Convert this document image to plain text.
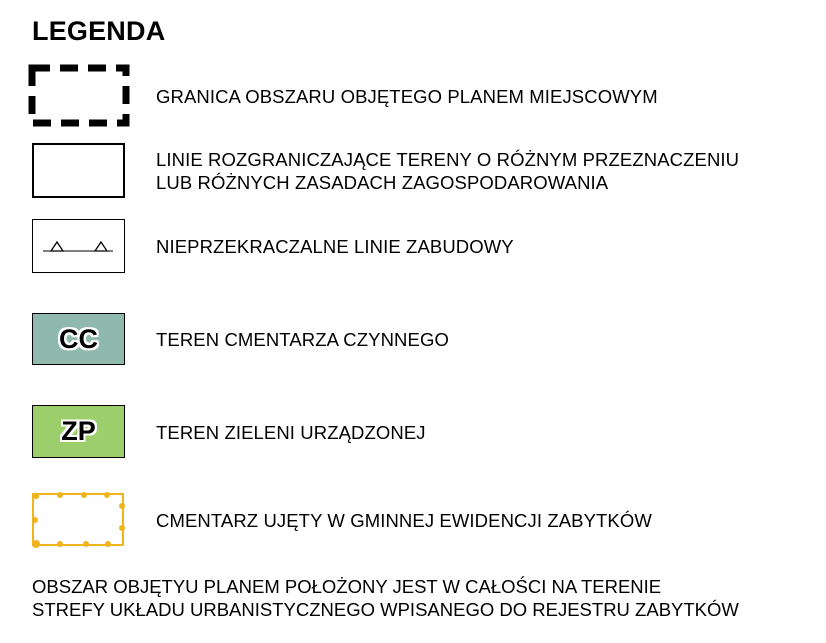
LEGENDA
GRANICA OBSZARU OBJĘTEGO PLANEM MIEJSCOWYM
LINIE ROZGRANICZAJĄCE TERENY O RÓŻNYM PRZEZNACZENIU
LUB RÓŻNYCH ZASADACH ZAGOSPODAROWANIA
NIEPRZEKRACZALNE LINIE ZABUDOWY
CC	TEREN CMENTARZA CZYNNEGO
ZP	TEREN ZIELENI URZĄDZONEJ
CMENTARZ UJĘTY W GMINNEJ EWIDENCJI ZABYTKÓW
OBSZAR OBJĘTYU PLANEM POŁOŻONY JEST W CAŁOŚCI NA TERENIE
STREFY UKŁADU URBANISTYCZNEGO WPISANEGO DO REJESTRU ZABYTKÓW
